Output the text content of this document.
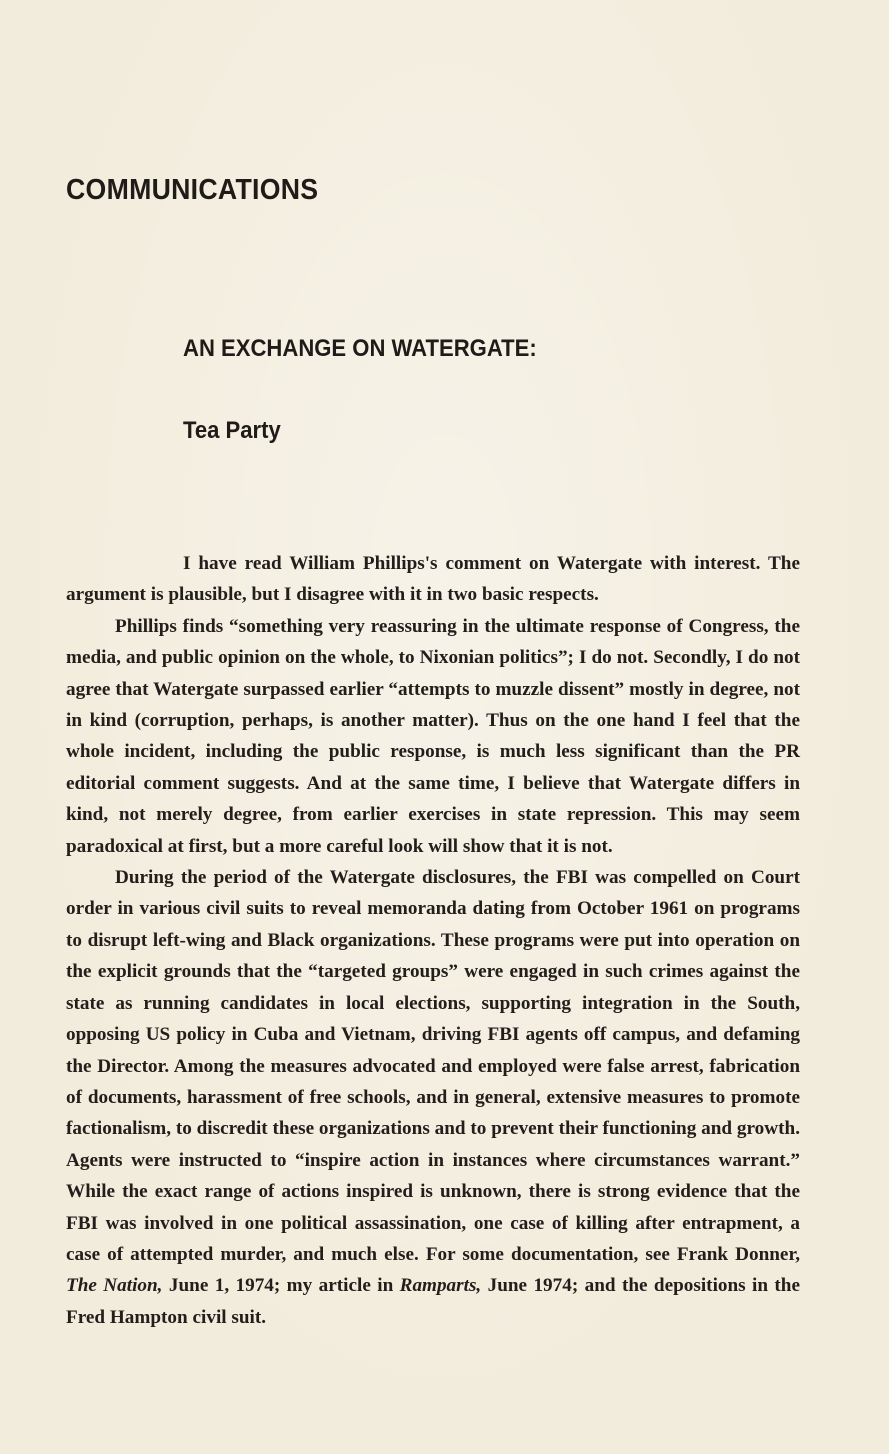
COMMUNICATIONS
AN EXCHANGE ON WATERGATE:
Tea Party

I have read William Phillips's comment on Watergate with interest. The argument is plausible, but I disagree with it in two basic respects.

Phillips finds “something very reassuring in the ultimate response of Congress, the media, and public opinion on the whole, to Nixonian politics”; I do not. Secondly, I do not agree that Watergate surpassed earlier “attempts to muzzle dissent” mostly in degree, not in kind (corruption, perhaps, is another matter). Thus on the one hand I feel that the whole incident, including the public response, is much less significant than the PR editorial comment suggests. And at the same time, I believe that Watergate differs in kind, not merely degree, from earlier exercises in state repression. This may seem paradoxical at first, but a more careful look will show that it is not.

During the period of the Watergate disclosures, the FBI was compelled on Court order in various civil suits to reveal memoranda dating from October 1961 on programs to disrupt left-wing and Black organizations. These programs were put into operation on the explicit grounds that the “targeted groups” were engaged in such crimes against the state as running candidates in local elections, supporting integration in the South, opposing US policy in Cuba and Vietnam, driving FBI agents off campus, and defaming the Director. Among the measures advocated and employed were false arrest, fabrication of documents, harassment of free schools, and in general, extensive measures to promote factionalism, to discredit these organizations and to prevent their functioning and growth. Agents were instructed to “inspire action in instances where circumstances warrant.” While the exact range of actions inspired is unknown, there is strong evidence that the FBI was involved in one political assassination, one case of killing after entrapment, a case of attempted murder, and much else. For some documentation, see Frank Donner, The Nation, June 1, 1974; my article in Ramparts, June 1974; and the depositions in the Fred Hampton civil suit.
